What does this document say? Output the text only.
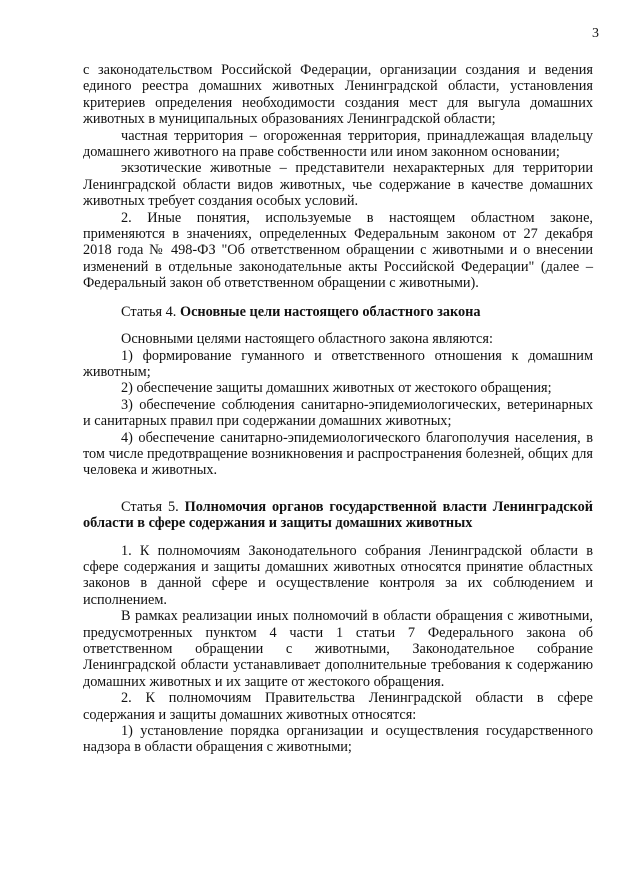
3

с законодательством Российской Федерации, организации создания и ведения единого реестра домашних животных Ленинградской области, установления критериев определения необходимости создания мест для выгула домашних животных в муниципальных образованиях Ленинградской области;

частная территория – огороженная территория, принадлежащая владельцу домашнего животного на праве собственности или ином законном основании;

экзотические животные – представители нехарактерных для территории Ленинградской области видов животных, чье содержание в качестве домашних животных требует создания особых условий.

2. Иные понятия, используемые в настоящем областном законе, применяются в значениях, определенных Федеральным законом от 27 декабря 2018 года № 498-ФЗ "Об ответственном обращении с животными и о внесении изменений в отдельные законодательные акты Российской Федерации" (далее – Федеральный закон об ответственном обращении с животными).

Статья 4. Основные цели настоящего областного закона

Основными целями настоящего областного закона являются:

1) формирование гуманного и ответственного отношения к домашним животным;

2) обеспечение защиты домашних животных от жестокого обращения;

3) обеспечение соблюдения санитарно-эпидемиологических, ветеринарных и санитарных правил при содержании домашних животных;

4) обеспечение санитарно-эпидемиологического благополучия населения, в том числе предотвращение возникновения и распространения болезней, общих для человека и животных.

Статья 5. Полномочия органов государственной власти Ленинградской области в сфере содержания и защиты домашних животных

1. К полномочиям Законодательного собрания Ленинградской области в сфере содержания и защиты домашних животных относятся принятие областных законов в данной сфере и осуществление контроля за их соблюдением и исполнением.

В рамках реализации иных полномочий в области обращения с животными, предусмотренных пунктом 4 части 1 статьи 7 Федерального закона об ответственном обращении с животными, Законодательное собрание Ленинградской области устанавливает дополнительные требования к содержанию домашних животных и их защите от жестокого обращения.

2. К полномочиям Правительства Ленинградской области в сфере содержания и защиты домашних животных относятся:

1) установление порядка организации и осуществления государственного надзора в области обращения с животными;
